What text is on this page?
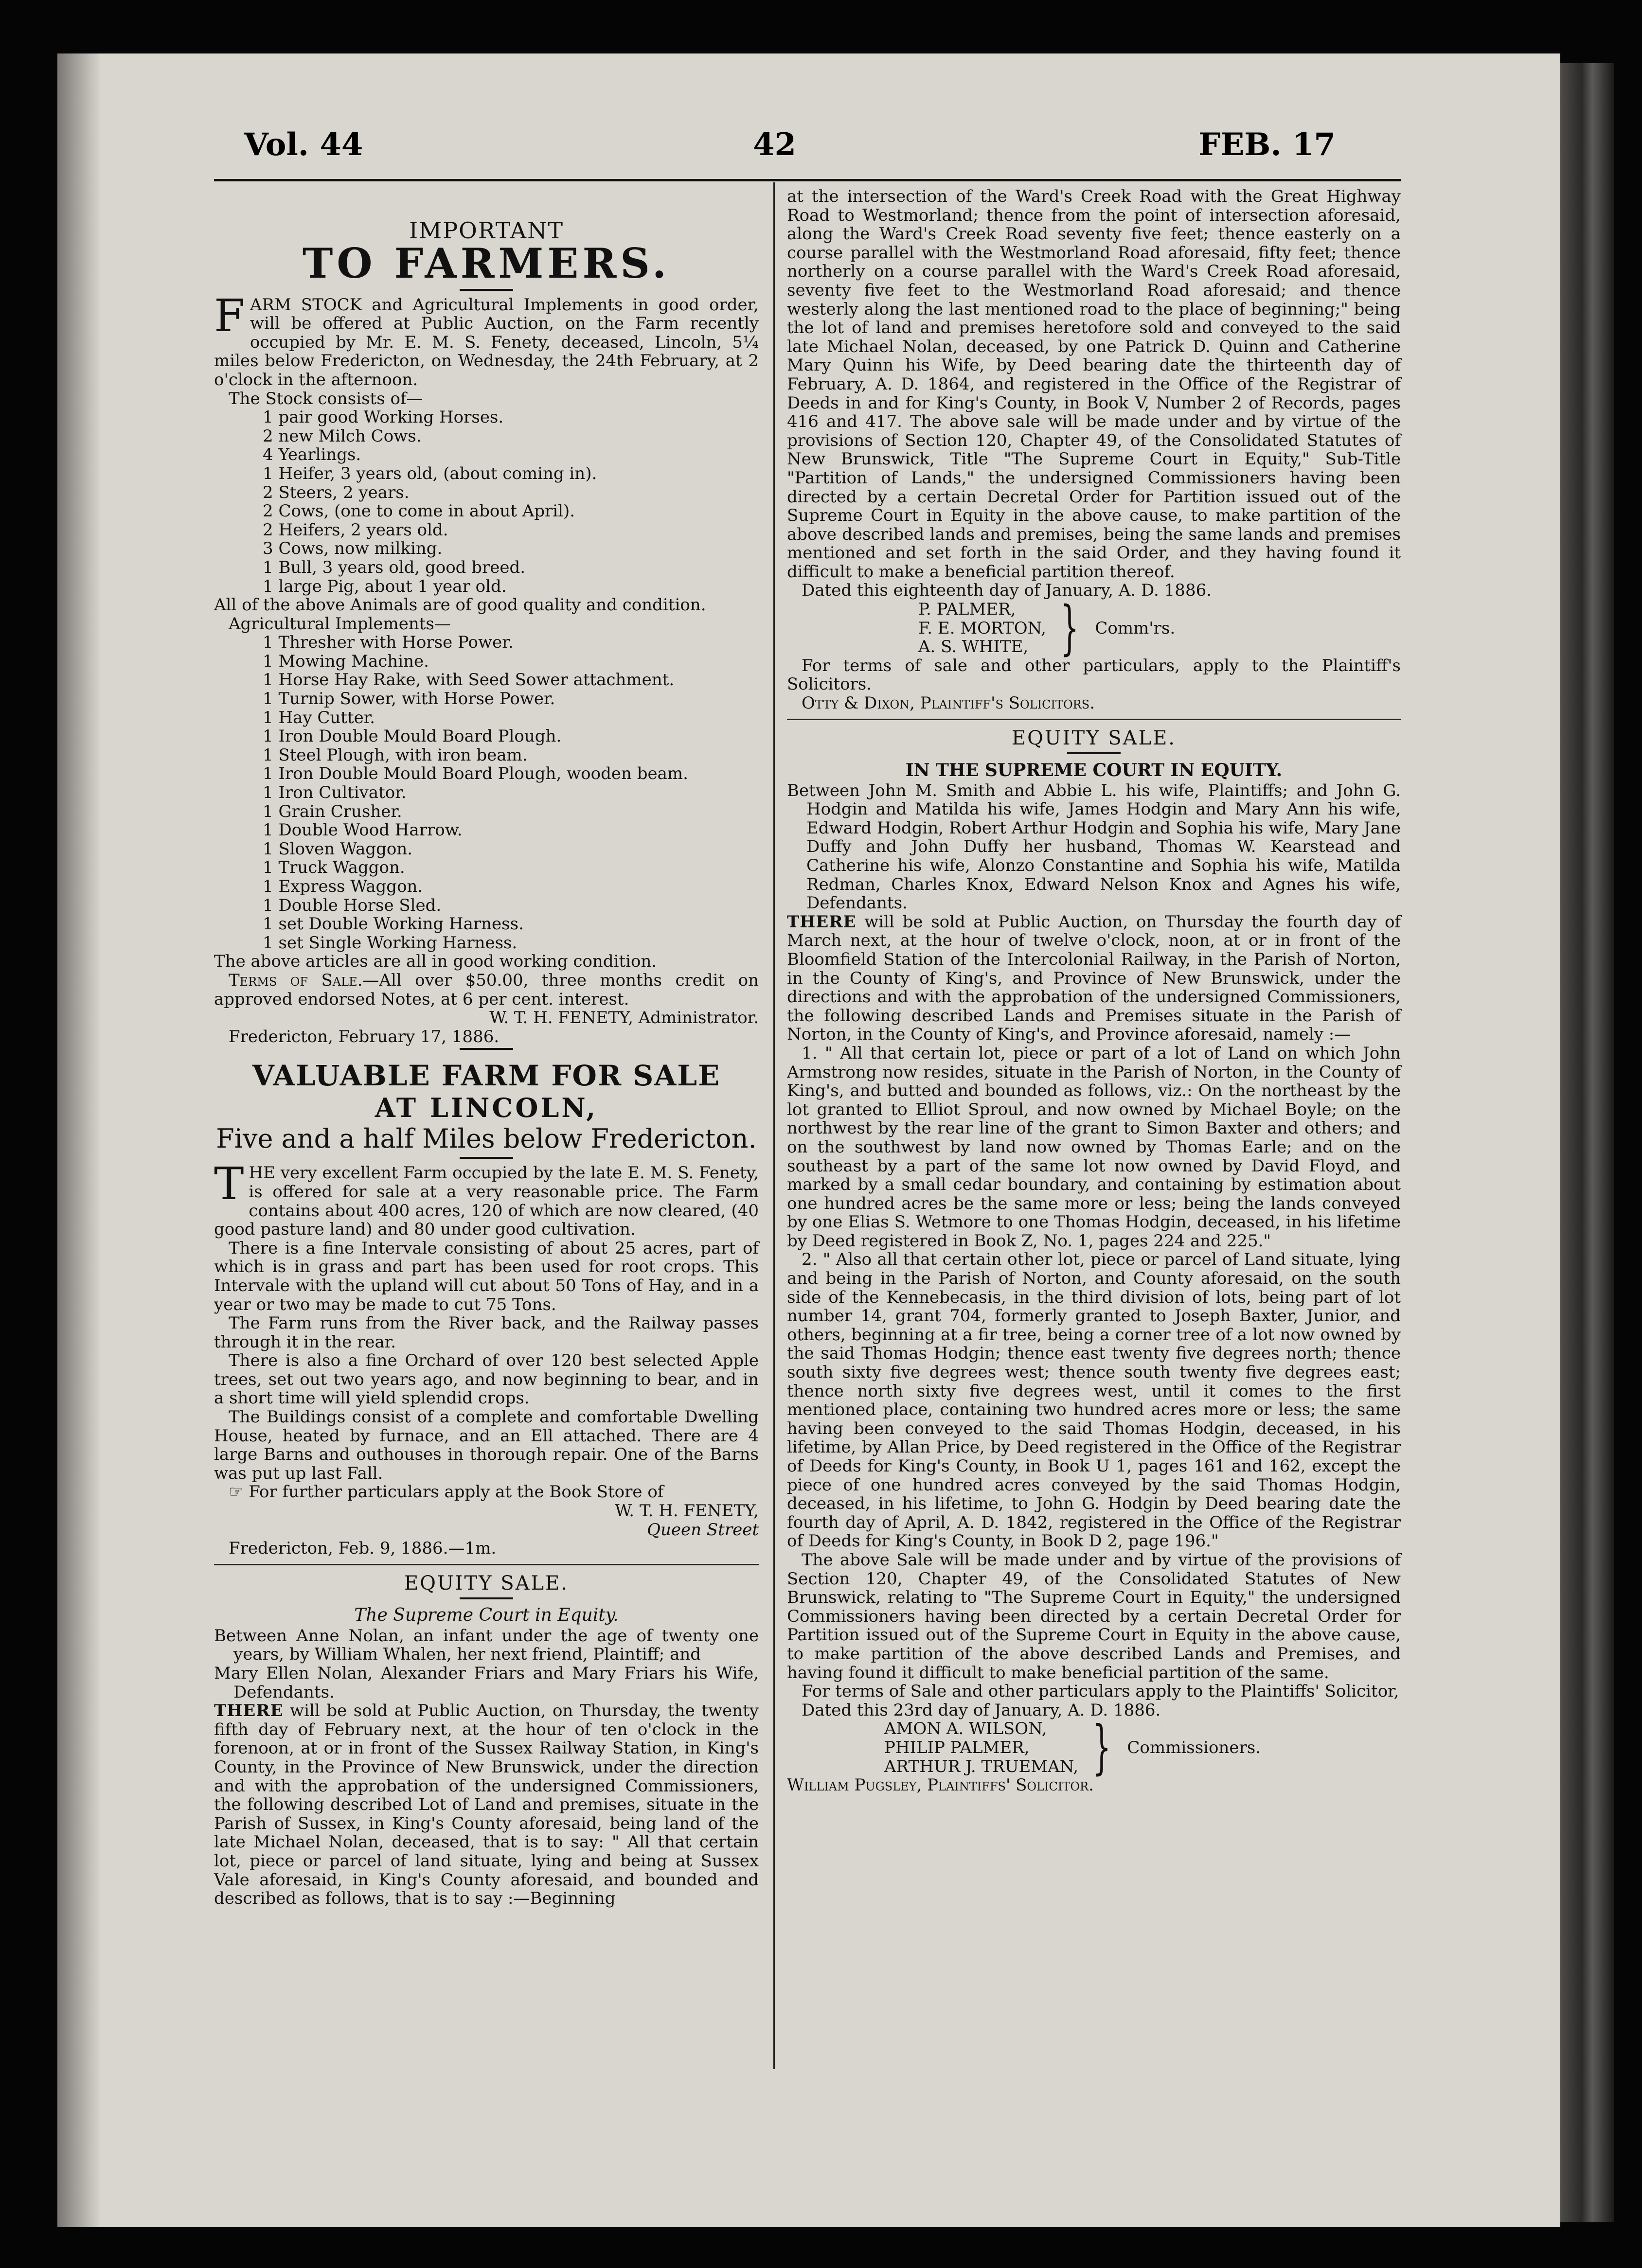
Vol. 44	42	FEB. 17
IMPORTANT
TO FARMERS.

FARM STOCK and Agricultural Implements in good order, will be offered at Public Auction, on the Farm recently occupied by Mr. E. M. S. Fenety, deceased, Lincoln, 5¼ miles below Fredericton, on Wednesday, the 24th February, at 2 o'clock in the afternoon.

The Stock consists of—

1 pair good Working Horses.
2 new Milch Cows.
4 Yearlings.
1 Heifer, 3 years old, (about coming in).
2 Steers, 2 years.
2 Cows, (one to come in about April).
2 Heifers, 2 years old.
3 Cows, now milking.
1 Bull, 3 years old, good breed.
1 large Pig, about 1 year old.

All of the above Animals are of good quality and condition.

Agricultural Implements—

1 Thresher with Horse Power.
1 Mowing Machine.
1 Horse Hay Rake, with Seed Sower attachment.
1 Turnip Sower, with Horse Power.
1 Hay Cutter.
1 Iron Double Mould Board Plough.
1 Steel Plough, with iron beam.
1 Iron Double Mould Board Plough, wooden beam.
1 Iron Cultivator.
1 Grain Crusher.
1 Double Wood Harrow.
1 Sloven Waggon.
1 Truck Waggon.
1 Express Waggon.
1 Double Horse Sled.
1 set Double Working Harness.
1 set Single Working Harness.

The above articles are all in good working condition.

Terms of Sale.—All over $50.00, three months credit on approved endorsed Notes, at 6 per cent. interest.

W. T. H. FENETY, Administrator.

Fredericton, February 17, 1886.

VALUABLE FARM FOR SALE
AT LINCOLN,
Five and a half Miles below Fredericton.

THE very excellent Farm occupied by the late E. M. S. Fenety, is offered for sale at a very reasonable price. The Farm contains about 400 acres, 120 of which are now cleared, (40 good pasture land) and 80 under good cultivation.

There is a fine Intervale consisting of about 25 acres, part of which is in grass and part has been used for root crops. This Intervale with the upland will cut about 50 Tons of Hay, and in a year or two may be made to cut 75 Tons.

The Farm runs from the River back, and the Railway passes through it in the rear.

There is also a fine Orchard of over 120 best selected Apple trees, set out two years ago, and now beginning to bear, and in a short time will yield splendid crops.

The Buildings consist of a complete and comfortable Dwelling House, heated by furnace, and an Ell attached. There are 4 large Barns and outhouses in thorough repair. One of the Barns was put up last Fall.

☞ For further particulars apply at the Book Store of

W. T. H. FENETY,

Queen Street

Fredericton, Feb. 9, 1886.—1m.

EQUITY SALE.
The Supreme Court in Equity.

Between Anne Nolan, an infant under the age of twenty one years, by William Whalen, her next friend, Plaintiff; and

Mary Ellen Nolan, Alexander Friars and Mary Friars his Wife, Defendants.

THERE will be sold at Public Auction, on Thursday, the twenty fifth day of February next, at the hour of ten o'clock in the forenoon, at or in front of the Sussex Railway Station, in King's County, in the Province of New Brunswick, under the direction and with the approbation of the undersigned Commissioners, the following described Lot of Land and premises, situate in the Parish of Sussex, in King's County aforesaid, being land of the late Michael Nolan, deceased, that is to say: " All that certain lot, piece or parcel of land situate, lying and being at Sussex Vale aforesaid, in King's County aforesaid, and bounded and described as follows, that is to say :—Beginning

at the intersection of the Ward's Creek Road with the Great Highway Road to Westmorland; thence from the point of intersection aforesaid, along the Ward's Creek Road seventy five feet; thence easterly on a course parallel with the Westmorland Road aforesaid, fifty feet; thence northerly on a course parallel with the Ward's Creek Road aforesaid, seventy five feet to the Westmorland Road aforesaid; and thence westerly along the last mentioned road to the place of beginning;" being the lot of land and premises heretofore sold and conveyed to the said late Michael Nolan, deceased, by one Patrick D. Quinn and Catherine Mary Quinn his Wife, by Deed bearing date the thirteenth day of February, A. D. 1864, and registered in the Office of the Registrar of Deeds in and for King's County, in Book V, Number 2 of Records, pages 416 and 417. The above sale will be made under and by virtue of the provisions of Section 120, Chapter 49, of the Consolidated Statutes of New Brunswick, Title "The Supreme Court in Equity," Sub-Title "Partition of Lands," the undersigned Commissioners having been directed by a certain Decretal Order for Partition issued out of the Supreme Court in Equity in the above cause, to make partition of the above described lands and premises, being the same lands and premises mentioned and set forth in the said Order, and they having found it difficult to make a beneficial partition thereof.

Dated this eighteenth day of January, A. D. 1886.

P. PALMER,
F. E. MORTON,
A. S. WHITE, } Comm'rs.

For terms of sale and other particulars, apply to the Plaintiff's Solicitors.

Otty & Dixon, Plaintiff's Solicitors.

EQUITY SALE.
IN THE SUPREME COURT IN EQUITY.

Between John M. Smith and Abbie L. his wife, Plaintiffs; and John G. Hodgin and Matilda his wife, James Hodgin and Mary Ann his wife, Edward Hodgin, Robert Arthur Hodgin and Sophia his wife, Mary Jane Duffy and John Duffy her husband, Thomas W. Kearstead and Catherine his wife, Alonzo Constantine and Sophia his wife, Matilda Redman, Charles Knox, Edward Nelson Knox and Agnes his wife, Defendants.

THERE will be sold at Public Auction, on Thursday the fourth day of March next, at the hour of twelve o'clock, noon, at or in front of the Bloomfield Station of the Intercolonial Railway, in the Parish of Norton, in the County of King's, and Province of New Brunswick, under the directions and with the approbation of the undersigned Commissioners, the following described Lands and Premises situate in the Parish of Norton, in the County of King's, and Province aforesaid, namely :—

1. " All that certain lot, piece or part of a lot of Land on which John Armstrong now resides, situate in the Parish of Norton, in the County of King's, and butted and bounded as follows, viz.: On the northeast by the lot granted to Elliot Sproul, and now owned by Michael Boyle; on the northwest by the rear line of the grant to Simon Baxter and others; and on the southwest by land now owned by Thomas Earle; and on the southeast by a part of the same lot now owned by David Floyd, and marked by a small cedar boundary, and containing by estimation about one hundred acres be the same more or less; being the lands conveyed by one Elias S. Wetmore to one Thomas Hodgin, deceased, in his lifetime by Deed registered in Book Z, No. 1, pages 224 and 225."

2. " Also all that certain other lot, piece or parcel of Land situate, lying and being in the Parish of Norton, and County aforesaid, on the south side of the Kennebecasis, in the third division of lots, being part of lot number 14, grant 704, formerly granted to Joseph Baxter, Junior, and others, beginning at a fir tree, being a corner tree of a lot now owned by the said Thomas Hodgin; thence east twenty five degrees north; thence south sixty five degrees west; thence south twenty five degrees east; thence north sixty five degrees west, until it comes to the first mentioned place, containing two hundred acres more or less; the same having been conveyed to the said Thomas Hodgin, deceased, in his lifetime, by Allan Price, by Deed registered in the Office of the Registrar of Deeds for King's County, in Book U 1, pages 161 and 162, except the piece of one hundred acres conveyed by the said Thomas Hodgin, deceased, in his lifetime, to John G. Hodgin by Deed bearing date the fourth day of April, A. D. 1842, registered in the Office of the Registrar of Deeds for King's County, in Book D 2, page 196."

The above Sale will be made under and by virtue of the provisions of Section 120, Chapter 49, of the Consolidated Statutes of New Brunswick, relating to "The Supreme Court in Equity," the undersigned Commissioners having been directed by a certain Decretal Order for Partition issued out of the Supreme Court in Equity in the above cause, to make partition of the above described Lands and Premises, and having found it difficult to make beneficial partition of the same.

For terms of Sale and other particulars apply to the Plaintiffs' Solicitor,

Dated this 23rd day of January, A. D. 1886.

AMON A. WILSON,
PHILIP PALMER,
ARTHUR J. TRUEMAN, } Commissioners.

William Pugsley, Plaintiffs' Solicitor.
